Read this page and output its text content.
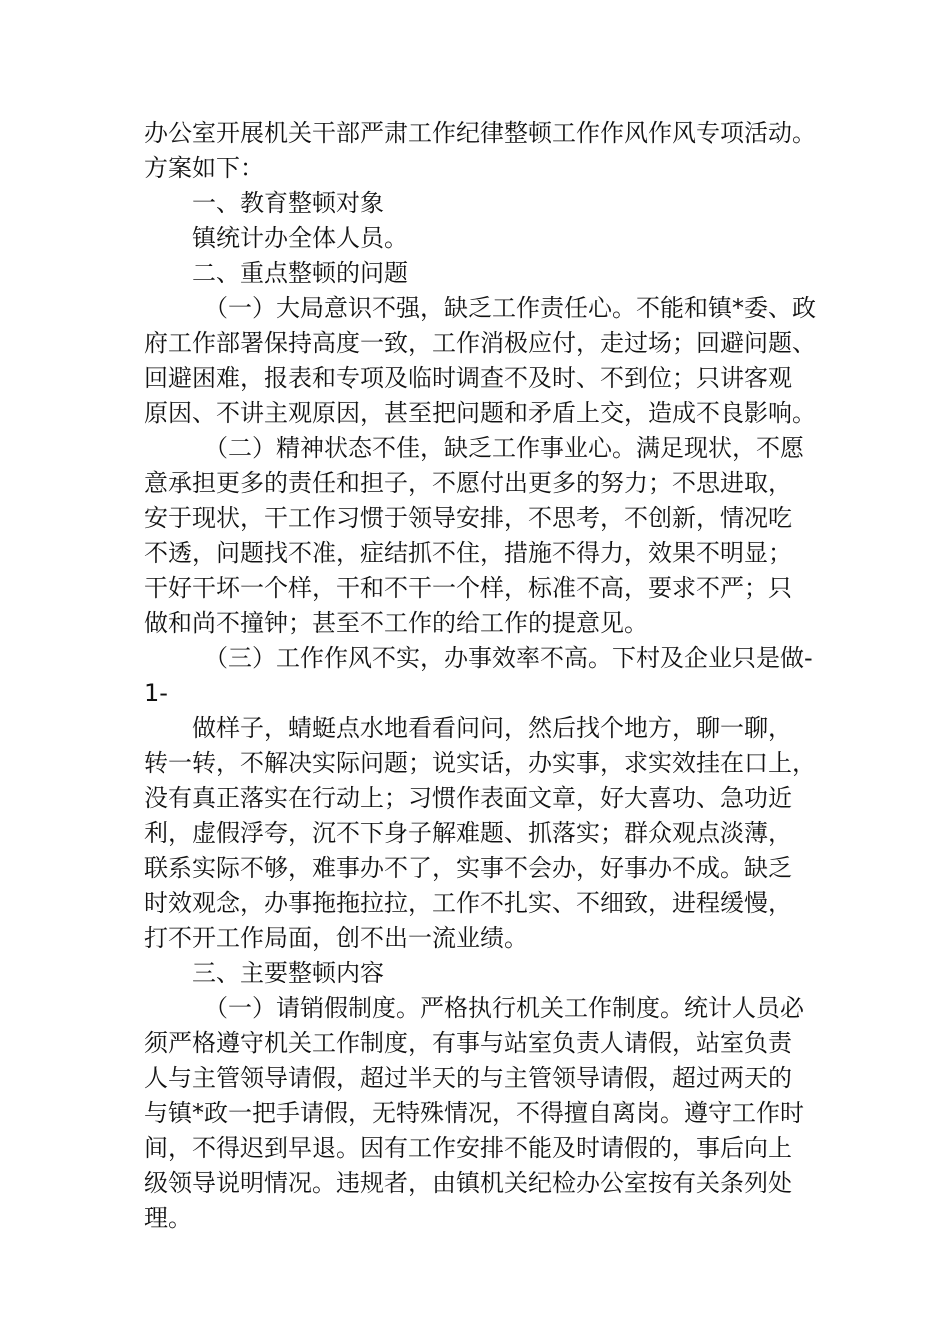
办公室开展机关干部严肃工作纪律整顿工作作风作风专项活动。
方案如下：
一、教育整顿对象
镇统计办全体人员。
二、重点整顿的问题
（一）大局意识不强，缺乏工作责任心。不能和镇*委、政
府工作部署保持高度一致，工作消极应付，走过场；回避问题、
回避困难，报表和专项及临时调查不及时、不到位；只讲客观
原因、不讲主观原因，甚至把问题和矛盾上交，造成不良影响。
（二）精神状态不佳，缺乏工作事业心。满足现状，不愿
意承担更多的责任和担子，不愿付出更多的努力；不思进取，
安于现状，干工作习惯于领导安排，不思考，不创新，情况吃
不透，问题找不准，症结抓不住，措施不得力，效果不明显；
干好干坏一个样，干和不干一个样，标准不高，要求不严；只
做和尚不撞钟；甚至不工作的给工作的提意见。
（三）工作作风不实，办事效率不高。下村及企业只是做-
1-
做样子，蜻蜓点水地看看问问，然后找个地方，聊一聊，
转一转，不解决实际问题；说实话，办实事，求实效挂在口上，
没有真正落实在行动上；习惯作表面文章，好大喜功、急功近
利，虚假浮夸，沉不下身子解难题、抓落实；群众观点淡薄，
联系实际不够，难事办不了，实事不会办，好事办不成。缺乏
时效观念，办事拖拖拉拉，工作不扎实、不细致，进程缓慢，
打不开工作局面，创不出一流业绩。
三、主要整顿内容
（一）请销假制度。严格执行机关工作制度。统计人员必
须严格遵守机关工作制度，有事与站室负责人请假，站室负责
人与主管领导请假，超过半天的与主管领导请假，超过两天的
与镇*政一把手请假，无特殊情况，不得擅自离岗。遵守工作时
间，不得迟到早退。因有工作安排不能及时请假的，事后向上
级领导说明情况。违规者，由镇机关纪检办公室按有关条列处
理。
